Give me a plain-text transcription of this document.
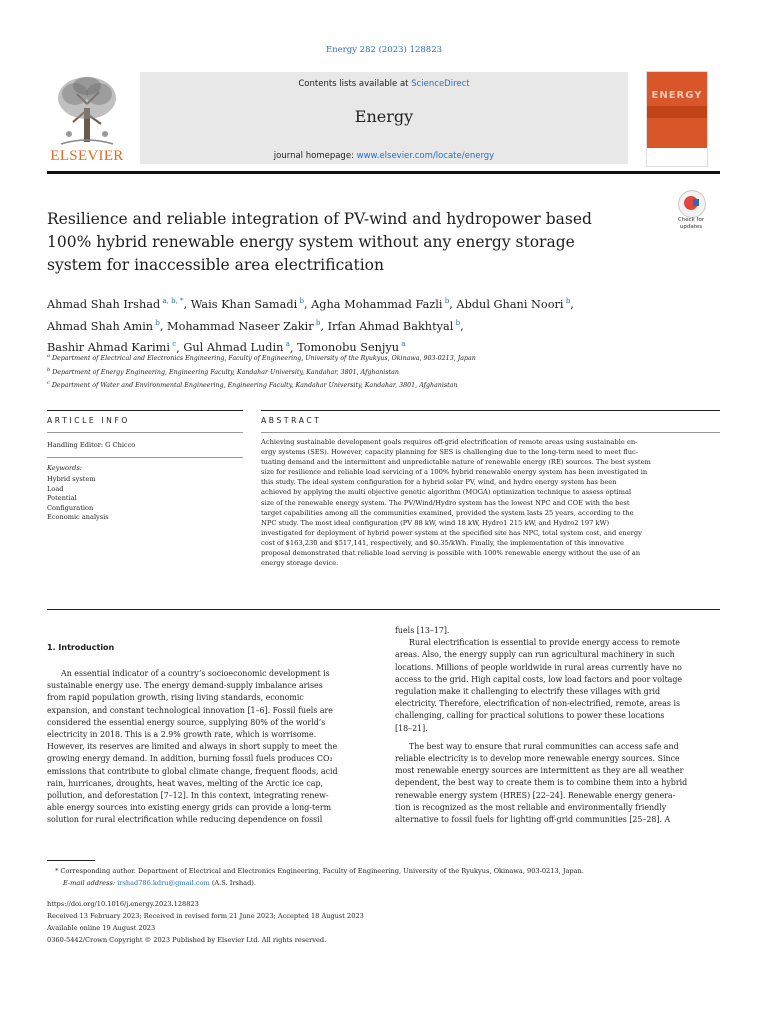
Energy 282 (2023) 128823
ELSEVIER
Contents lists available at ScienceDirect
Energy
journal homepage: www.elsevier.com/locate/energy
ENERGY
Resilience and reliable integration of PV-wind and hydropower based 100% hybrid renewable energy system without any energy storage system for inaccessible area electrification
Check for
updates
Ahmad Shah Irshad  $^{a, b, *}$, Wais Khan Samadi  $^b$, Agha Mohammad Fazli  $^b$, Abdul Ghani Noori  $^b$,
Ahmad Shah Amin  $^b$, Mohammad Naseer Zakir  $^b$, Irfan Ahmad Bakhtyal  $^b$,
Bashir Ahmad Karimi  $^c$, Gul Ahmad Ludin  $^a$, Tomonobu Senjyu  $^a$
$^a$ Department of Electrical and Electronics Engineering, Faculty of Engineering, University of the Ryukyus, Okinawa, 903-0213, Japan
$^b$ Department of Energy Engineering, Engineering Faculty, Kandahar University, Kandahar, 3801, Afghanistan
$^c$ Department of Water and Environmental Engineering, Engineering Faculty, Kandahar University, Kandahar, 3801, Afghanistan
ARTICLE INFO	ABSTRACT
Handling Editor: G Chicco
Keywords:
Hybrid system
Load
Potential
Configuration
Economic analysis
Achieving sustainable development goals requires off-grid electrification of remote areas using sustainable en-
ergy systems (SES). However, capacity planning for SES is challenging due to the long-term need to meet fluc-
tuating demand and the intermittent and unpredictable nature of renewable energy (RE) sources. The best system
size for resilience and reliable load servicing of a 100% hybrid renewable energy system has been investigated in
this study. The ideal system configuration for a hybrid solar PV, wind, and hydro energy system has been
achieved by applying the multi objective genetic algorithm (MOGA) optimization technique to assess optimal
size of the renewable energy system. The PV/Wind/Hydro system has the lowest NPC and COE with the best
target capabilities among all the communities examined, provided the system lasts 25 years, according to the
NPC study. The most ideal configuration (PV 88 kW, wind 18 kW, Hydro1 215 kW, and Hydro2 197 kW)
investigated for deployment of hybrid power system at the specified site has NPC, total system cost, and energy
cost of $163,230 and $517,141, respectively, and $0.35/kWh. Finally, the implementation of this innovative
proposal demonstrated that reliable load serving is possible with 100% renewable energy without the use of an
energy storage device.
1. Introduction
An essential indicator of a country’s socioeconomic development is
sustainable energy use. The energy demand-supply imbalance arises
from rapid population growth, rising living standards, economic
expansion, and constant technological innovation [1–6]. Fossil fuels are
considered the essential energy source, supplying 80% of the world’s
electricity in 2018. This is a 2.9% growth rate, which is worrisome.
However, its reserves are limited and always in short supply to meet the
growing energy demand. In addition, burning fossil fuels produces CO₂
emissions that contribute to global climate change, frequent floods, acid
rain, hurricanes, droughts, heat waves, melting of the Arctic ice cap,
pollution, and deforestation [7–12]. In this context, integrating renew-
able energy sources into existing energy grids can provide a long-term
solution for rural electrification while reducing dependence on fossil
fuels [13–17].
Rural electrification is essential to provide energy access to remote
areas. Also, the energy supply can run agricultural machinery in such
locations. Millions of people worldwide in rural areas currently have no
access to the grid. High capital costs, low load factors and poor voltage
regulation make it challenging to electrify these villages with grid
electricity. Therefore, electrification of non-electrified, remote, areas is
challenging, calling for practical solutions to power these locations
[18–21].
The best way to ensure that rural communities can access safe and
reliable electricity is to develop more renewable energy sources. Since
most renewable energy sources are intermittent as they are all weather
dependent, the best way to create them is to combine them into a hybrid
renewable energy system (HRES) [22–24]. Renewable energy genera-
tion is recognized as the most reliable and environmentally friendly
alternative to fossil fuels for lighting off-grid communities [25–28]. A
* Corresponding author. Department of Electrical and Electronics Engineering, Faculty of Engineering, University of the Ryukyus, Okinawa, 903-0213, Japan.
E-mail address: irshad786.kdru@gmail.com (A.S. Irshad).
https://doi.org/10.1016/j.energy.2023.128823
Received 13 February 2023; Received in revised form 21 June 2023; Accepted 18 August 2023
Available online 19 August 2023
0360-5442/Crown Copyright © 2023 Published by Elsevier Ltd. All rights reserved.
